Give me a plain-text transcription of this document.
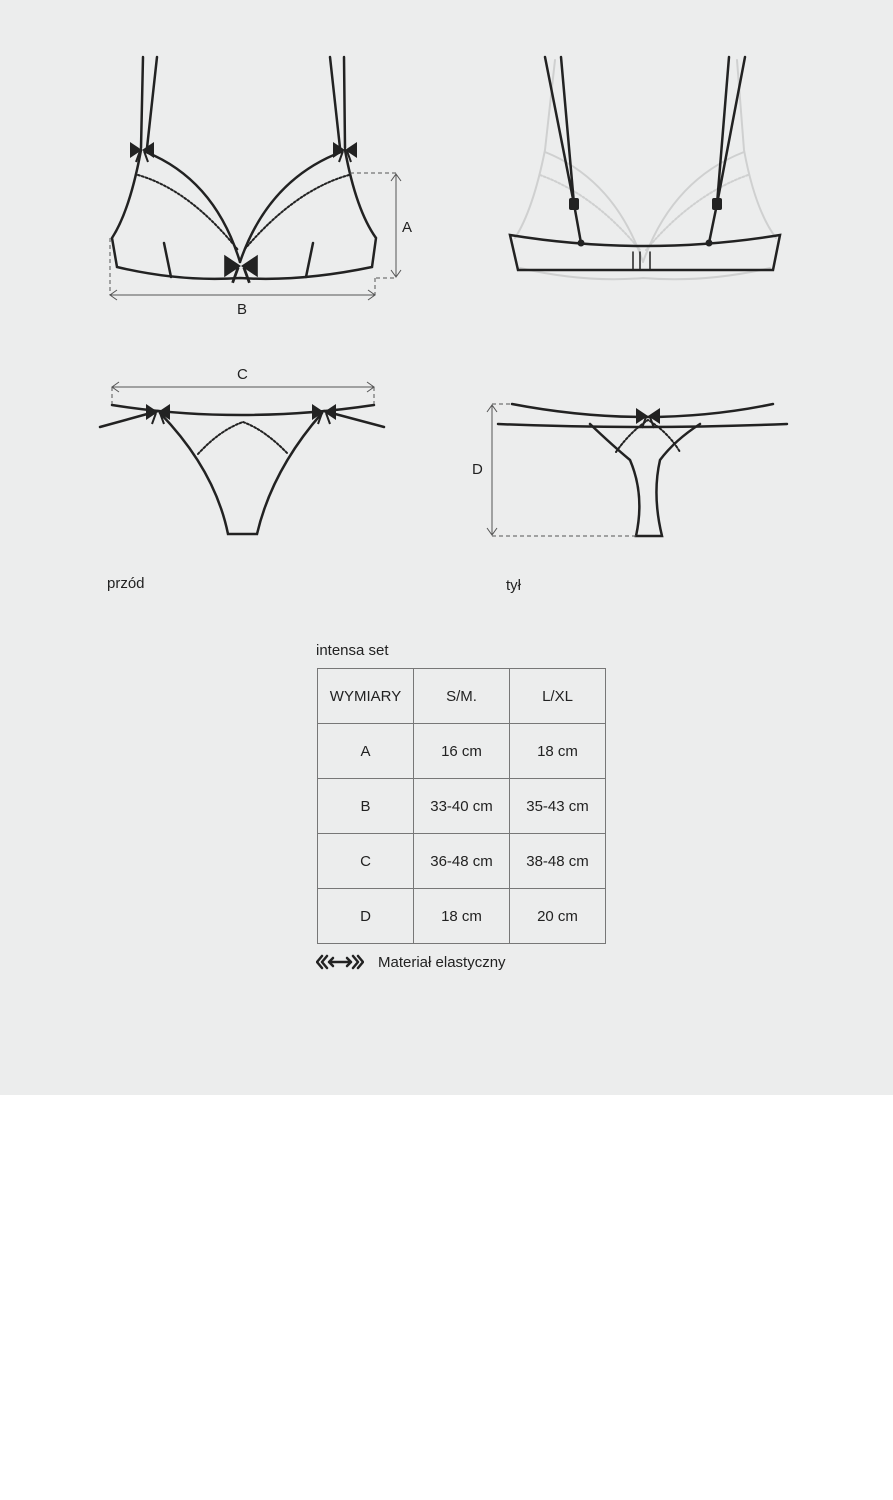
A
B
C
D
przód	tył
intensa set
WYMIARY	S/M.	L/XL
A	16 cm	18 cm
B	33-40 cm	35-43 cm
C	36-48 cm	38-48 cm
D	18 cm	20 cm
Materiał elastyczny
